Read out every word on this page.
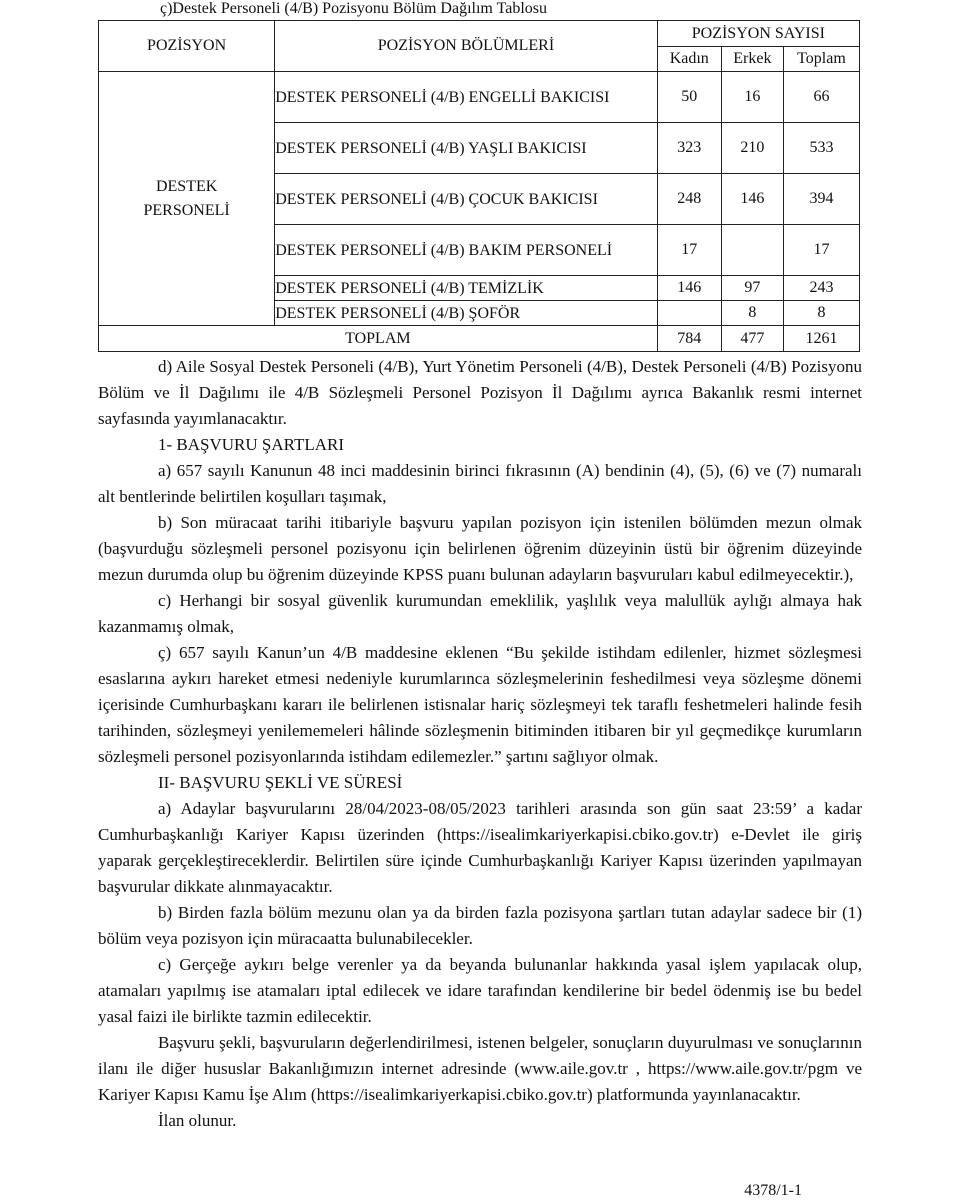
ç)Destek Personeli (4/B) Pozisyonu Bölüm Dağılım Tablosu
POZİSYON	POZİSYON BÖLÜMLERİ	POZİSYON SAYISI		
		Kadın	Erkek	Toplam

DESTEK PERSONELİ	DESTEK PERSONELİ (4/B) ENGELLİ BAKICISI	50	16	66
	DESTEK PERSONELİ (4/B) YAŞLI BAKICISI	323	210	533
	DESTEK PERSONELİ (4/B) ÇOCUK BAKICISI	248	146	394
	DESTEK PERSONELİ (4/B) BAKIM PERSONELİ	17		17
	DESTEK PERSONELİ (4/B) TEMİZLİK	146	97	243
	DESTEK PERSONELİ (4/B) ŞOFÖR		8	8
TOPLAM		784	477	1261

d) Aile Sosyal Destek Personeli (4/B), Yurt Yönetim Personeli (4/B), Destek Personeli (4/B) Pozisyonu Bölüm ve İl Dağılımı ile 4/B Sözleşmeli Personel Pozisyon İl Dağılımı ayrıca Bakanlık resmi internet sayfasında yayımlanacaktır.

1- BAŞVURU ŞARTLARI

a) 657 sayılı Kanunun 48 inci maddesinin birinci fıkrasının (A) bendinin (4), (5), (6) ve (7) numaralı alt bentlerinde belirtilen koşulları taşımak,

b) Son müracaat tarihi itibariyle başvuru yapılan pozisyon için istenilen bölümden mezun olmak (başvurduğu sözleşmeli personel pozisyonu için belirlenen öğrenim düzeyinin üstü bir öğrenim düzeyinde mezun durumda olup bu öğrenim düzeyinde KPSS puanı bulunan adayların başvuruları kabul edilmeyecektir.),

c) Herhangi bir sosyal güvenlik kurumundan emeklilik, yaşlılık veya malullük aylığı almaya hak kazanmamış olmak,

ç) 657 sayılı Kanun’un 4/B maddesine eklenen “Bu şekilde istihdam edilenler, hizmet sözleşmesi esaslarına aykırı hareket etmesi nedeniyle kurumlarınca sözleşmelerinin feshedilmesi veya sözleşme dönemi içerisinde Cumhurbaşkanı kararı ile belirlenen istisnalar hariç sözleşmeyi tek taraflı feshetmeleri halinde fesih tarihinden, sözleşmeyi yenilememeleri hâlinde sözleşmenin bitiminden itibaren bir yıl geçmedikçe kurumların sözleşmeli personel pozisyonlarında istihdam edilemezler.” şartını sağlıyor olmak.

II- BAŞVURU ŞEKLİ VE SÜRESİ

a) Adaylar başvurularını 28/04/2023-08/05/2023 tarihleri arasında son gün saat 23:59’ a kadar Cumhurbaşkanlığı Kariyer Kapısı üzerinden (https://isealimkariyerkapisi.cbiko.gov.tr) e-Devlet ile giriş yaparak gerçekleştireceklerdir. Belirtilen süre içinde Cumhurbaşkanlığı Kariyer Kapısı üzerinden yapılmayan başvurular dikkate alınmayacaktır.

b) Birden fazla bölüm mezunu olan ya da birden fazla pozisyona şartları tutan adaylar sadece bir (1) bölüm veya pozisyon için müracaatta bulunabilecekler.

c) Gerçeğe aykırı belge verenler ya da beyanda bulunanlar hakkında yasal işlem yapılacak olup, atamaları yapılmış ise atamaları iptal edilecek ve idare tarafından kendilerine bir bedel ödenmiş ise bu bedel yasal faizi ile birlikte tazmin edilecektir.

Başvuru şekli, başvuruların değerlendirilmesi, istenen belgeler, sonuçların duyurulması ve sonuçlarının ilanı ile diğer hususlar Bakanlığımızın internet adresinde (www.aile.gov.tr , https://www.aile.gov.tr/pgm ve Kariyer Kapısı Kamu İşe Alım (https://isealimkariyerkapisi.cbiko.gov.tr) platformunda yayınlanacaktır.

İlan olunur.

4378/1-1
